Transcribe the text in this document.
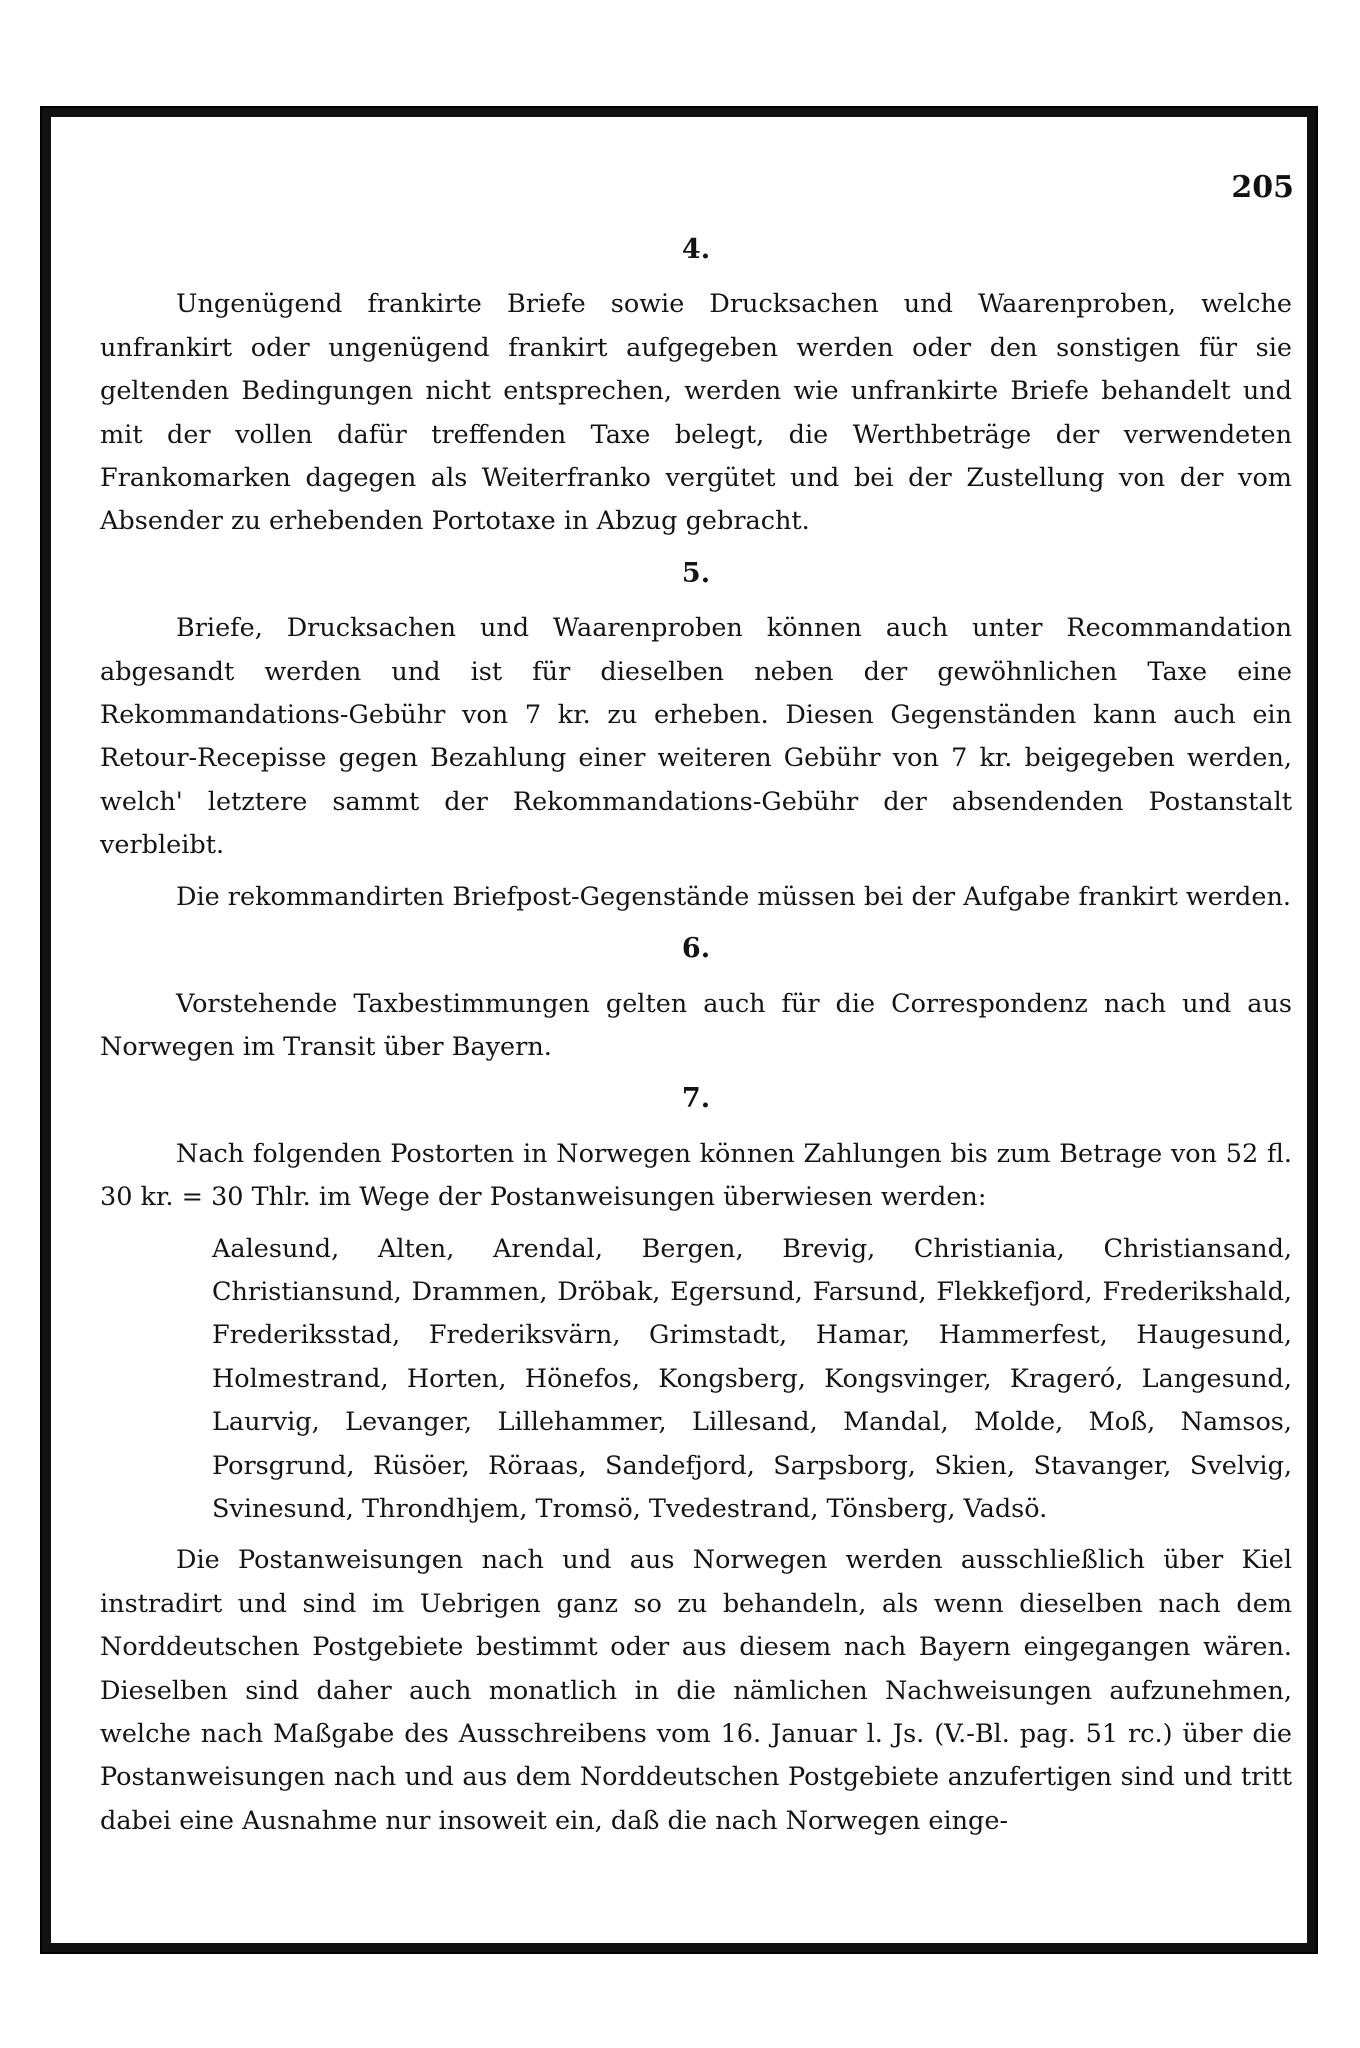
205
4.

Ungenügend frankirte Briefe sowie Drucksachen und Waarenproben, welche unfrankirt oder ungenügend frankirt aufgegeben werden oder den sonstigen für sie geltenden Bedingungen nicht entsprechen, werden wie unfrankirte Briefe behandelt und mit der vollen dafür treffenden Taxe belegt, die Werthbeträge der verwendeten Frankomarken dagegen als Weiterfranko vergütet und bei der Zustellung von der vom Absender zu erhebenden Portotaxe in Abzug gebracht.

5.

Briefe, Drucksachen und Waarenproben können auch unter Recommandation abgesandt werden und ist für dieselben neben der gewöhnlichen Taxe eine Rekommandations-Gebühr von 7 kr. zu erheben. Diesen Gegenständen kann auch ein Retour-Recepisse gegen Bezahlung einer weiteren Gebühr von 7 kr. beigegeben werden, welch' letztere sammt der Rekommandations-Gebühr der absendenden Postanstalt verbleibt.

Die rekommandirten Briefpost-Gegenstände müssen bei der Aufgabe frankirt werden.

6.

Vorstehende Taxbestimmungen gelten auch für die Correspondenz nach und aus Norwegen im Transit über Bayern.

7.

Nach folgenden Postorten in Norwegen können Zahlungen bis zum Betrage von 52 fl. 30 kr. = 30 Thlr. im Wege der Postanweisungen überwiesen werden:

Aalesund, Alten, Arendal, Bergen, Brevig, Christiania, Christiansand, Christiansund, Drammen, Dröbak, Egersund, Farsund, Flekkefjord, Frederikshald, Frederiksstad, Frederiksvärn, Grimstadt, Hamar, Hammerfest, Haugesund, Holmestrand, Horten, Hönefos, Kongsberg, Kongsvinger, Krageró, Langesund, Laurvig, Levanger, Lillehammer, Lillesand, Mandal, Molde, Moß, Namsos, Porsgrund, Rüsöer, Röraas, Sandefjord, Sarpsborg, Skien, Stavanger, Svelvig, Svinesund, Throndhjem, Tromsö, Tvedestrand, Tönsberg, Vadsö.

Die Postanweisungen nach und aus Norwegen werden ausschließlich über Kiel instradirt und sind im Uebrigen ganz so zu behandeln, als wenn dieselben nach dem Norddeutschen Postgebiete bestimmt oder aus diesem nach Bayern eingegangen wären. Dieselben sind daher auch monatlich in die nämlichen Nachweisungen aufzunehmen, welche nach Maßgabe des Ausschreibens vom 16. Januar l. Js. (V.-Bl. pag. 51 rc.) über die Postanweisungen nach und aus dem Norddeutschen Postgebiete anzufertigen sind und tritt dabei eine Ausnahme nur insoweit ein, daß die nach Norwegen einge-
